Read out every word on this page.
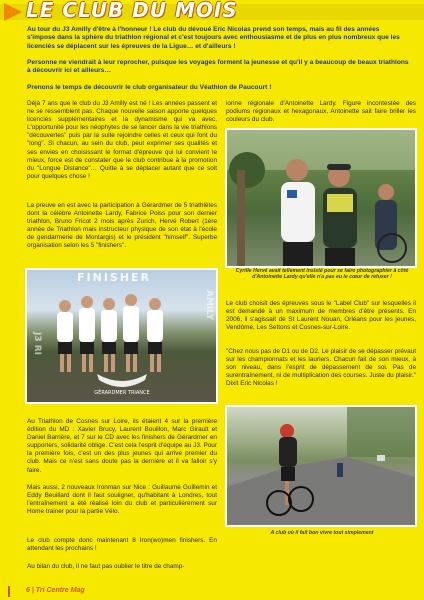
LE CLUB DU MOIS

Au tour du J3 Amilly d'être à l'honneur ! Le club du dévoué Eric Nicolas prend son temps, mais au fil des années s'impose dans la sphère du triathlon régional et c'est toujours avec enthousiasme et de plus en plus nombreux que les licenciés se déplacent sur les épreuves de la Ligue… et d'ailleurs !

Personne ne viendrait à leur reprocher, puisque les voyages forment la jeunesse et qu'il y a beaucoup de beaux triathlons à découvrir ici et ailleurs…

Prenons le temps de découvrir le club organisateur du Véathlon de Paucourt !

Déjà 7 ans que le club du J3 Amilly est né ! Les années passent et ne se ressemblent pas. Chaque nouvelle saison apporte quelques licenciés supplémentaires et la dynamisme qui va avec. L'opportunité pour les néophytes de se lancer dans la vie triathlons "découvertes" puis par la suite rejoindre celles et ceux qui font du "long". Si chacun, au sein du club, peut exprimer ses qualités et ses envies en choisissant le format d'épreuve qui lui convient le mieux, force est de constater que le club contribue à la promotion du "Longue Distance"… Quitte à se déplacer autant que ce soit pour quelques chose !

La preuve en est avec la participation à Gérardmer de 5 triathlètes dont la célèbre Antoinette Lardy, Fabrice Poiss pour son dernier triathlon, Bruno Fricot 2 mois après Zurich, Hervé Robert (1ère année de Triathlon mais instructeur physique de son état à l'école de gendarmerie de Montargis) et le président "himself". Superbe organisation selon les 5 "finishers".

FINISHER
J3 RI
AMILY
GÉRARDMER TRIANCE

Au Triathlon de Cosnes sur Loire, ils étaient 4 sur la première édition du MD : Xavier Brucy, Laurent Bouillon, Marc Girault et Daniel Barrière, et 7 sur le CD avec les finishers de Gérardmer en supporters, solidarité oblige. C'est cela l'esprit d'équipe au J3. Pour la première fois, c'est un des plus jeunes qui arrive premier du club. Mais ce n'est sans doute pas la dernière et il va falloir s'y faire.

Mais aussi, 2 nouveaux Ironman sur Nice : Guillaume Guillemin et Eddy Beuillard dont il faut souligner, qu'habitant à Londres, tout l'entraînement a été réalisé loin du club et particulièrement sur Home trainer pour la partie Vélo.

Le club compte donc maintenant 8 Iron(wo)men finishers. En attendant les prochains !

Au bilan du club, il ne faut pas oublier le titre de champ-

ionne régionale d'Antoinette Lardy. Figure incontestée des podiums régionaux et hexagonaux, Antoinette sait faire briller les couleurs du club.

Cyrille Hervé avait tellement insisté pour se faire photographier à côté d'Antoinette Lardy qu'elle n'a pas eu le cœur de refuser !

Le club choisit des épreuves sous le "Label Club" sur lesquelles il est demandé à un maximum de membres d'être présents. En 2006, il s'agissait de St Laurent Nouan, Orléans pour les jeunes, Vendôme, Les Settons et Cosnes-sur-Loire.

"Chez nous pas de D1 ou de D2. Le plaisir de se dépasser prévaut sur les championnats et les lauriers. Chacun fait de son mieux, à son niveau, dans l'esprit de dépassement de soi. Pas de surentraînement, ni de multiplication des courses. Juste du plaisir." Dixit Eric Nicolas !

A club où il fait bon vivre tout simplement
6 | Tri Centre Mag
